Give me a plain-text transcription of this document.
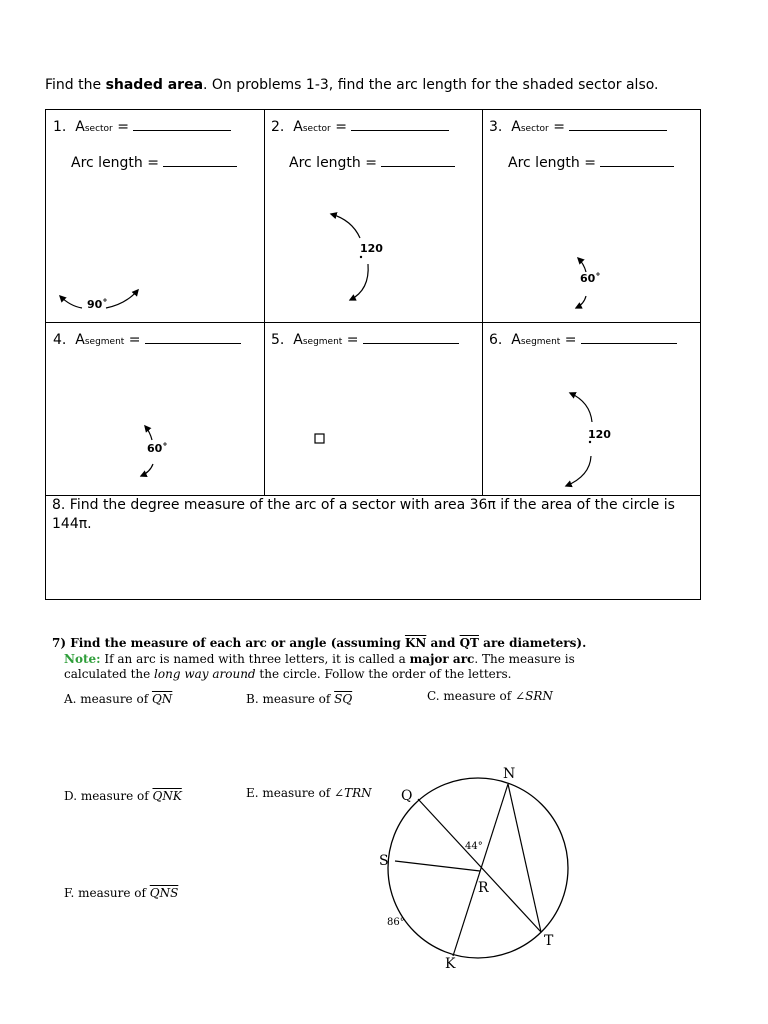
Find the shaded area. On problems 1-3, find the arc length for the shaded sector also.
1. Asector =
Arc length =
2. Asector =
Arc length =
3. Asector =
Arc length =
4. Asegment =	5. Asegment =	6. Asegment =
90˚
120
60˚
60˚
120
8. Find the degree measure of the arc of a sector with area 36π if the area of the circle is 144π.
7) Find the measure of each arc or angle (assuming $\overline{KN}$ and $\overline{QT}$ are diameters).
Note: If an arc is named with three letters, it is called a major arc. The measure is
calculated the long way around the circle. Follow the order of the letters.
A. measure of $\overline{QN}$	B. measure of $\overline{SQ}$	C. measure of ∠SRN
D. measure of $\overline{QNK}$	E. measure of ∠TRN
F. measure of $\overline{QNS}$
N
Q
S
R
T
K
44°
86°
